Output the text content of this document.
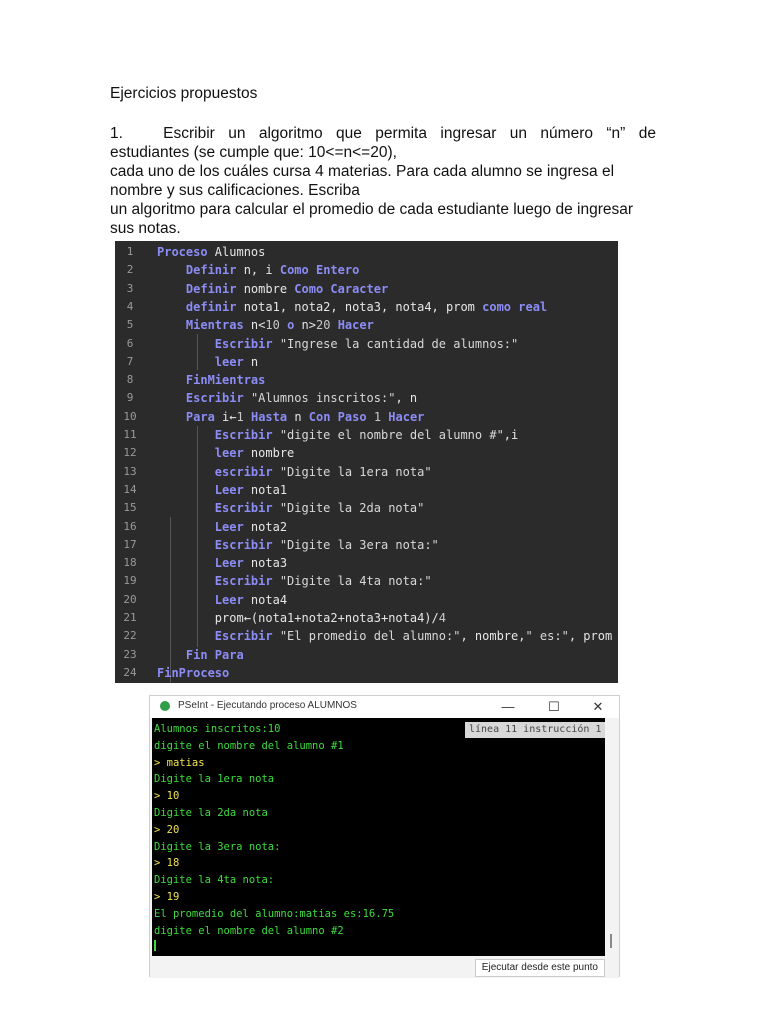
Ejercicios propuestos
1.   Escribir un algoritmo que permita ingresar un número “n” de
estudiantes (se cumple que: 10<=n<=20),
cada uno de los cuáles cursa 4 materias. Para cada alumno se ingresa el
nombre y sus calificaciones. Escriba
un algoritmo para calcular el promedio de cada estudiante luego de ingresar
sus notas.
1	Proceso Alumnos
2	Definir n, i Como Entero
3	Definir nombre Como Caracter
4	definir nota1, nota2, nota3, nota4, prom como real
5	Mientras n<10 o n>20 Hacer
6	Escribir "Ingrese la cantidad de alumnos:"
7	leer n
8	FinMientras
9	Escribir "Alumnos inscritos:", n
10	Para i←1 Hasta n Con Paso 1 Hacer
11	Escribir "digite el nombre del alumno #",i
12	leer nombre
13	escribir "Digite la 1era nota"
14	Leer nota1
15	Escribir "Digite la 2da nota"
16	Leer nota2
17	Escribir "Digite la 3era nota:"
18	Leer nota3
19	Escribir "Digite la 4ta nota:"
20	Leer nota4
21	prom←(nota1+nota2+nota3+nota4)/4
22	Escribir "El promedio del alumno:", nombre," es:", prom
23	Fin Para
24	FinProceso
PSeInt - Ejecutando proceso ALUMNOS	—	☐	✕
línea 11 instrucción 1
Alumnos inscritos:10
digite el nombre del alumno #1
> matias
Digite la 1era nota
> 10
Digite la 2da nota
> 20
Digite la 3era nota:
> 18
Digite la 4ta nota:
> 19
El promedio del alumno:matias es:16.75
digite el nombre del alumno #2
Ejecutar desde este punto
